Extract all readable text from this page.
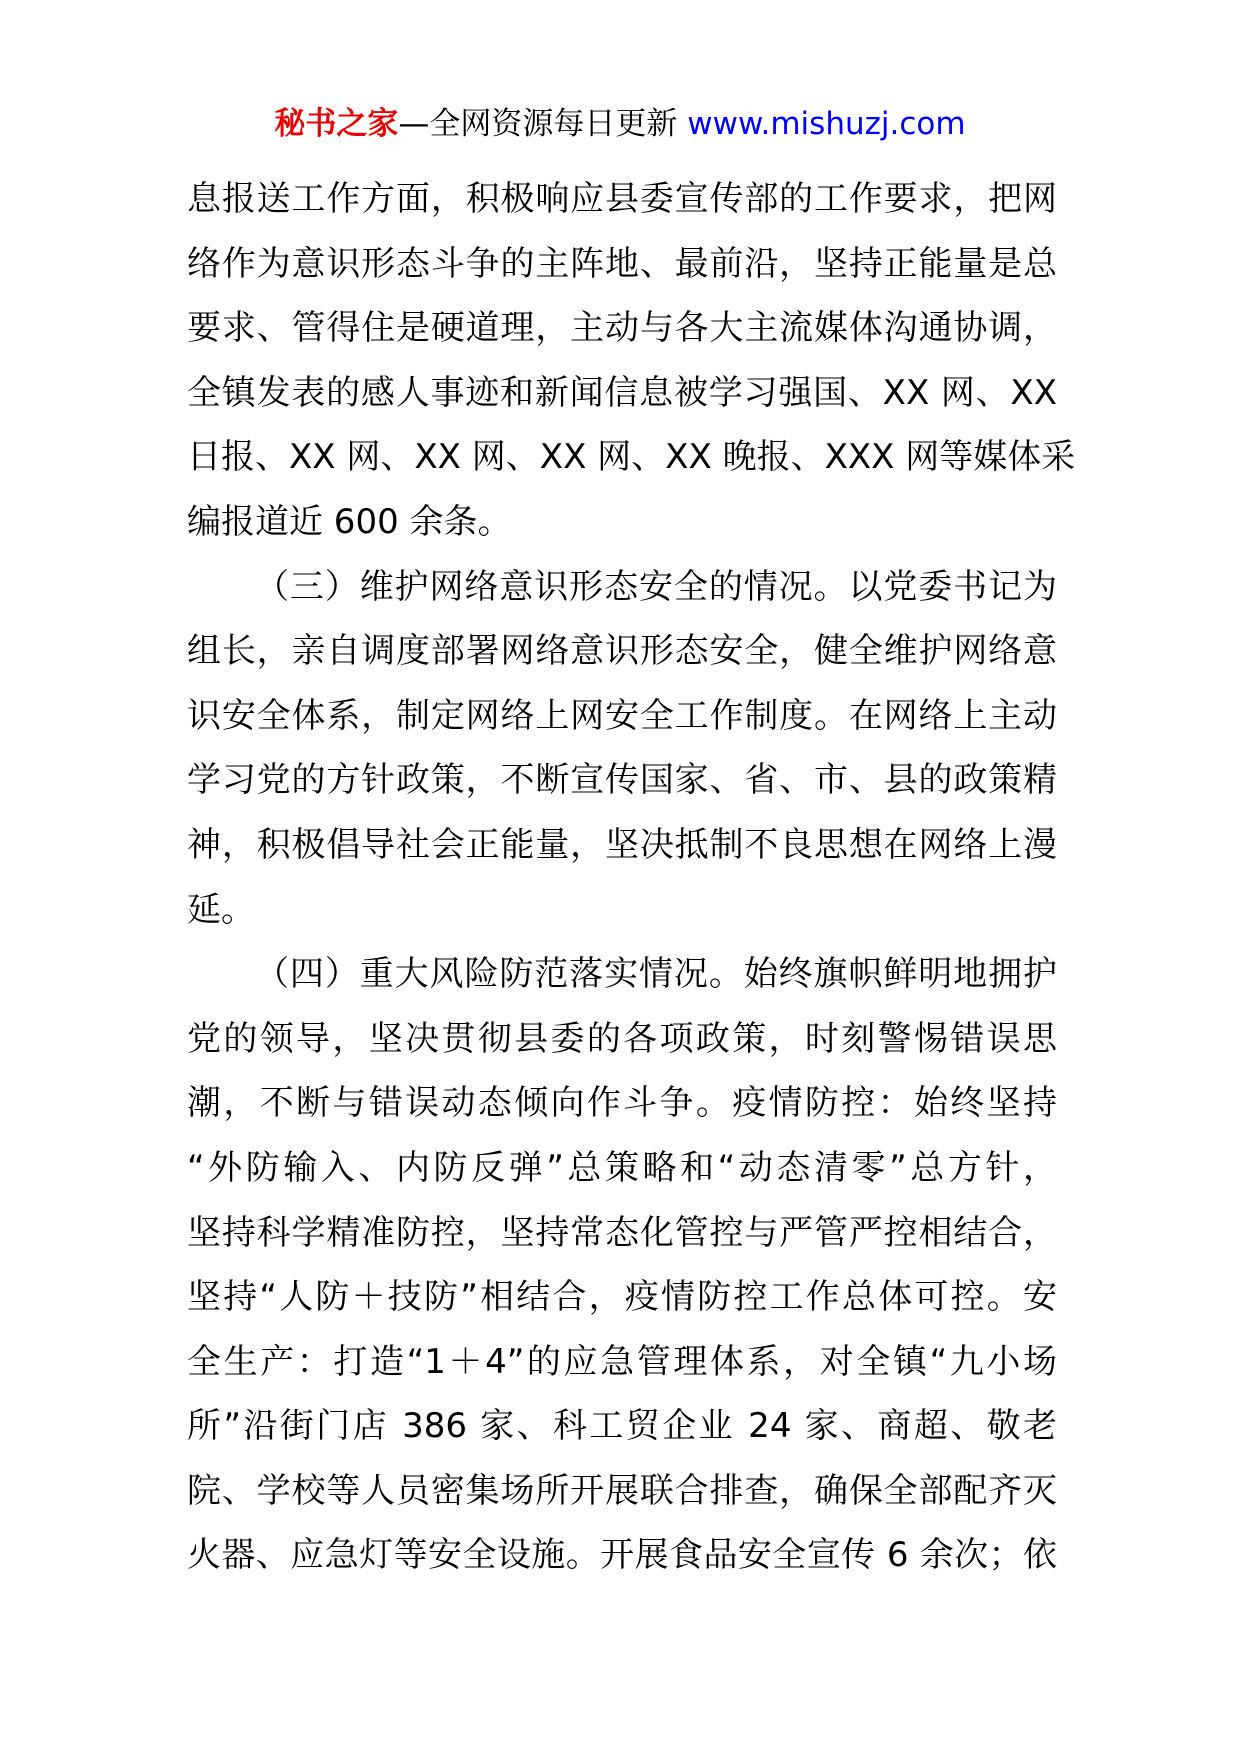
秘书之家—全网资源每日更新 www.mishuzj.com
息报送工作方面，积极响应县委宣传部的工作要求，把网
络作为意识形态斗争的主阵地、最前沿，坚持正能量是总
要求、管得住是硬道理，主动与各大主流媒体沟通协调，
全镇发表的感人事迹和新闻信息被学习强国、XX 网、XX
日报、XX 网、XX 网、XX 网、XX 晚报、XXX 网等媒体采
编报道近 600 余条。
（三）维护网络意识形态安全的情况。以党委书记为
组长，亲自调度部署网络意识形态安全，健全维护网络意
识安全体系，制定网络上网安全工作制度。在网络上主动
学习党的方针政策，不断宣传国家、省、市、县的政策精
神，积极倡导社会正能量，坚决抵制不良思想在网络上漫
延。
（四）重大风险防范落实情况。始终旗帜鲜明地拥护
党的领导，坚决贯彻县委的各项政策，时刻警惕错误思
潮，不断与错误动态倾向作斗争。疫情防控：始终坚持
“外防输入、内防反弹”总策略和“动态清零”总方针，
坚持科学精准防控，坚持常态化管控与严管严控相结合，
坚持“人防＋技防”相结合，疫情防控工作总体可控。安
全生产：打造“1＋4”的应急管理体系，对全镇“九小场
所”沿街门店 386 家、科工贸企业 24 家、商超、敬老
院、学校等人员密集场所开展联合排查，确保全部配齐灭
火器、应急灯等安全设施。开展食品安全宣传 6 余次；依
